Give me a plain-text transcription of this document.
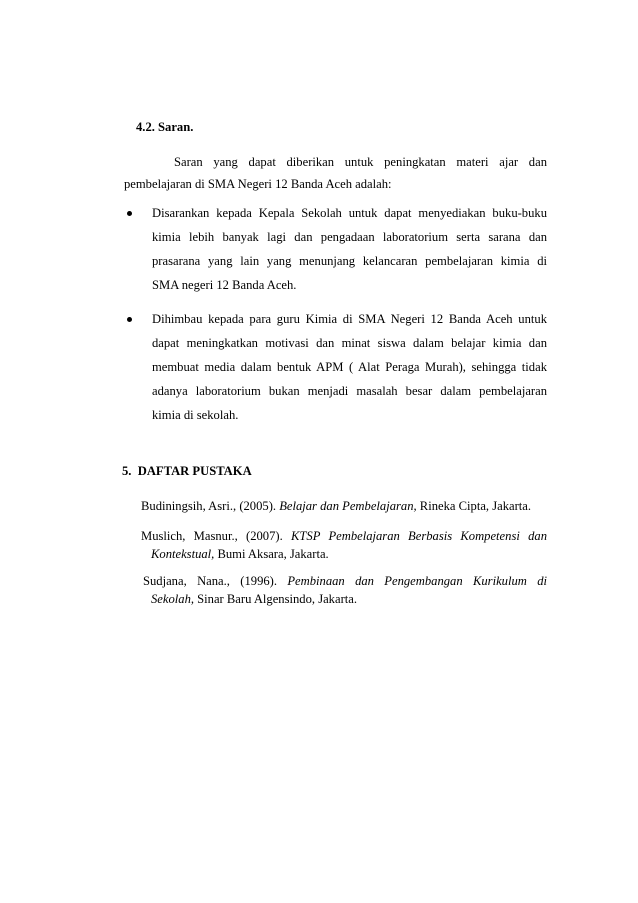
4.2. Saran.
Saran yang dapat diberikan untuk peningkatan materi ajar dan
pembelajaran di SMA Negeri 12 Banda Aceh adalah:
Disarankan kepada Kepala Sekolah untuk dapat menyediakan buku-buku
kimia lebih banyak lagi dan pengadaan laboratorium serta sarana dan
prasarana yang lain yang menunjang kelancaran pembelajaran kimia di
SMA negeri 12 Banda Aceh.
Dihimbau kepada para guru Kimia di SMA Negeri 12 Banda Aceh untuk
dapat meningkatkan motivasi dan minat siswa dalam belajar kimia dan
membuat media dalam bentuk APM ( Alat Peraga Murah), sehingga tidak
adanya laboratorium bukan menjadi masalah besar dalam pembelajaran
kimia di sekolah.
5.  DAFTAR PUSTAKA
Budiningsih, Asri., (2005). Belajar dan Pembelajaran, Rineka Cipta, Jakarta.
Muslich, Masnur., (2007). KTSP Pembelajaran Berbasis Kompetensi dan
Kontekstual, Bumi Aksara, Jakarta.
Sudjana, Nana., (1996). Pembinaan dan Pengembangan Kurikulum di
Sekolah, Sinar Baru Algensindo, Jakarta.
